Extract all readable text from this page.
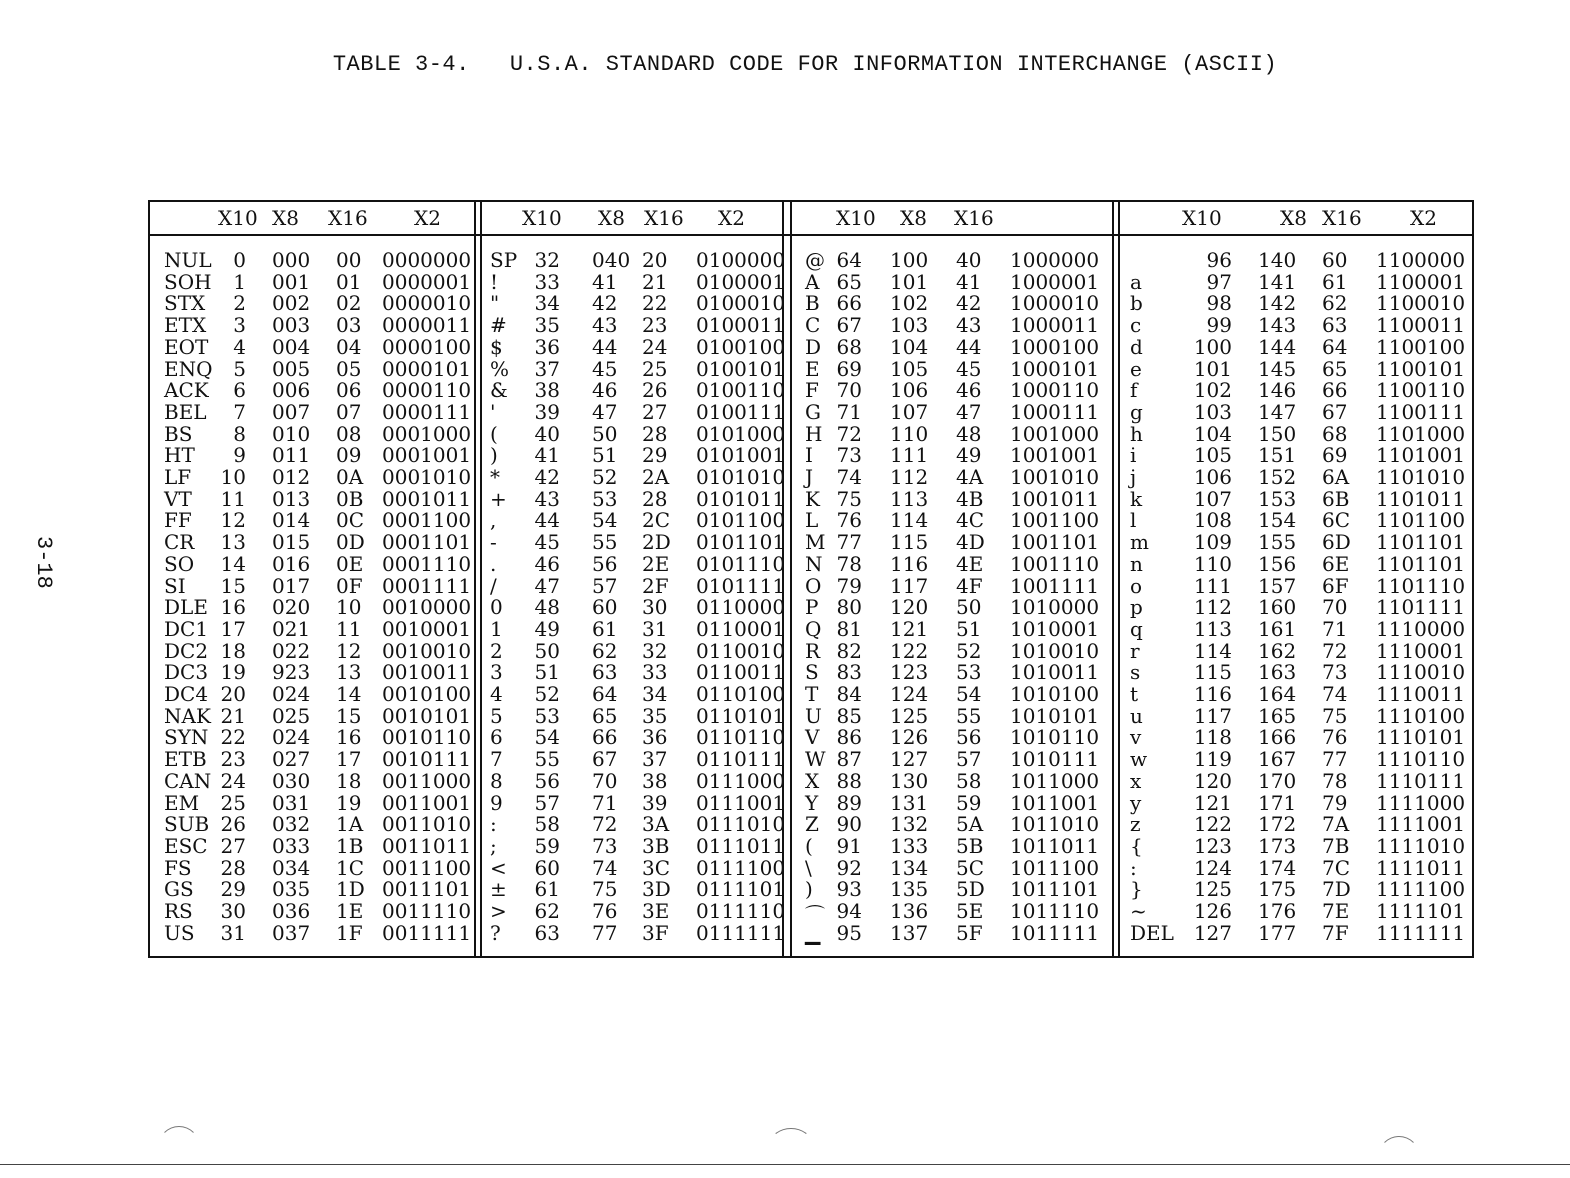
TABLE 3-4. U.S.A. STANDARD CODE FOR INFORMATION INTERCHANGE (ASCII)
3-18
X10 X8 X16 X2	X10 X8 X16 X2	X10 X8 X16	X10	X8 X16 X2
NUL 0 000 00 0000000
SOH 1 001 01 0000001
STX 2 002 02 0000010
ETX 3 003 03 0000011
EOT 4 004 04 0000100
ENQ 5 005 05 0000101
ACK 6 006 06 0000110
BEL 7 007 07 0000111
BS 8 010 08 0001000
HT 9 011 09 0001001
LF 10 012 0A 0001010
VT 11 013 0B 0001011
FF 12 014 0C 0001100
CR 13 015 0D 0001101
SO 14 016 0E 0001110
SI 15 017 0F 0001111
DLE 16 020 10 0010000
DC1 17 021 11 0010001
DC2 18 022 12 0010010
DC3 19 923 13 0010011
DC4 20 024 14 0010100
NAK 21 025 15 0010101
SYN 22 024 16 0010110
ETB 23 027 17 0010111
CAN 24 030 18 0011000
EM 25 031 19 0011001
SUB 26 032 1A 0011010
ESC 27 033 1B 0011011
FS 28 034 1C 0011100
GS 29 035 1D 0011101
RS 30 036 1E 0011110
US 31 037 1F 0011111
SP 32 040 20 0100000
! 33 41 21 0100001
" 34 42 22 0100010
# 35 43 23 0100011
$ 36 44 24 0100100
% 37 45 25 0100101
& 38 46 26 0100110
' 39 47 27 0100111
( 40 50 28 0101000
) 41 51 29 0101001
* 42 52 2A 0101010
+ 43 53 28 0101011
, 44 54 2C 0101100
- 45 55 2D 0101101
. 46 56 2E 0101110
/ 47 57 2F 0101111
0 48 60 30 0110000
1 49 61 31 0110001
2 50 62 32 0110010
3 51 63 33 0110011
4 52 64 34 0110100
5 53 65 35 0110101
6 54 66 36 0110110
7 55 67 37 0110111
8 56 70 38 0111000
9 57 71 39 0111001
: 58 72 3A 0111010
; 59 73 3B 0111011
< 60 74 3C 0111100
± 61 75 3D 0111101
> 62 76 3E 0111110
? 63 77 3F 0111111
@ 64 100 40 1000000
A 65 101 41 1000001
B 66 102 42 1000010
C 67 103 43 1000011
D 68 104 44 1000100
E 69 105 45 1000101
F 70 106 46 1000110
G 71 107 47 1000111
H 72 110 48 1001000
I 73 111 49 1001001
J 74 112 4A 1001010
K 75 113 4B 1001011
L 76 114 4C 1001100
M 77 115 4D 1001101
N 78 116 4E 1001110
O 79 117 4F 1001111
P 80 120 50 1010000
Q 81 121 51 1010001
R 82 122 52 1010010
S 83 123 53 1010011
T 84 124 54 1010100
U 85 125 55 1010101
V 86 126 56 1010110
W 87 127 57 1010111
X 88 130 58 1011000
Y 89 131 59 1011001
Z 90 132 5A 1011010
( 91 133 5B 1011011
\ 92 134 5C 1011100
) 93 135 5D 1011101
⌒ 94 136 5E 1011110
▁ 95 137 5F 1011111
96 140 60 1100000
a	97 141 61 1100001
b	98 142 62 1100010
c	99 143 63 1100011
d	100 144 64 1100100
e	101 145 65 1100101
f	102 146 66 1100110
g	103 147 67 1100111
h	104 150 68 1101000
i	105 151 69 1101001
j	106 152 6A 1101010
k	107 153 6B 1101011
l	108 154 6C 1101100
m 109 155 6D 1101101
n	110 156 6E 1101101
o	111 157 6F 1101110
p	112 160 70 1101111
q	113 161 71 1110000
r	114 162 72 1110001
s	115 163 73 1110010
t	116 164 74 1110011
u	117 165 75 1110100
v	118 166 76 1110101
w 119 167 77 1110110
x	120 170 78 1110111
y	121 171 79 1111000
z	122 172 7A 1111001
{	123 173 7B 1111010
:	124 174 7C 1111011
}	125 175 7D 1111100
~ 126 176 7E 1111101
DEL 127 177 7F 1111111
